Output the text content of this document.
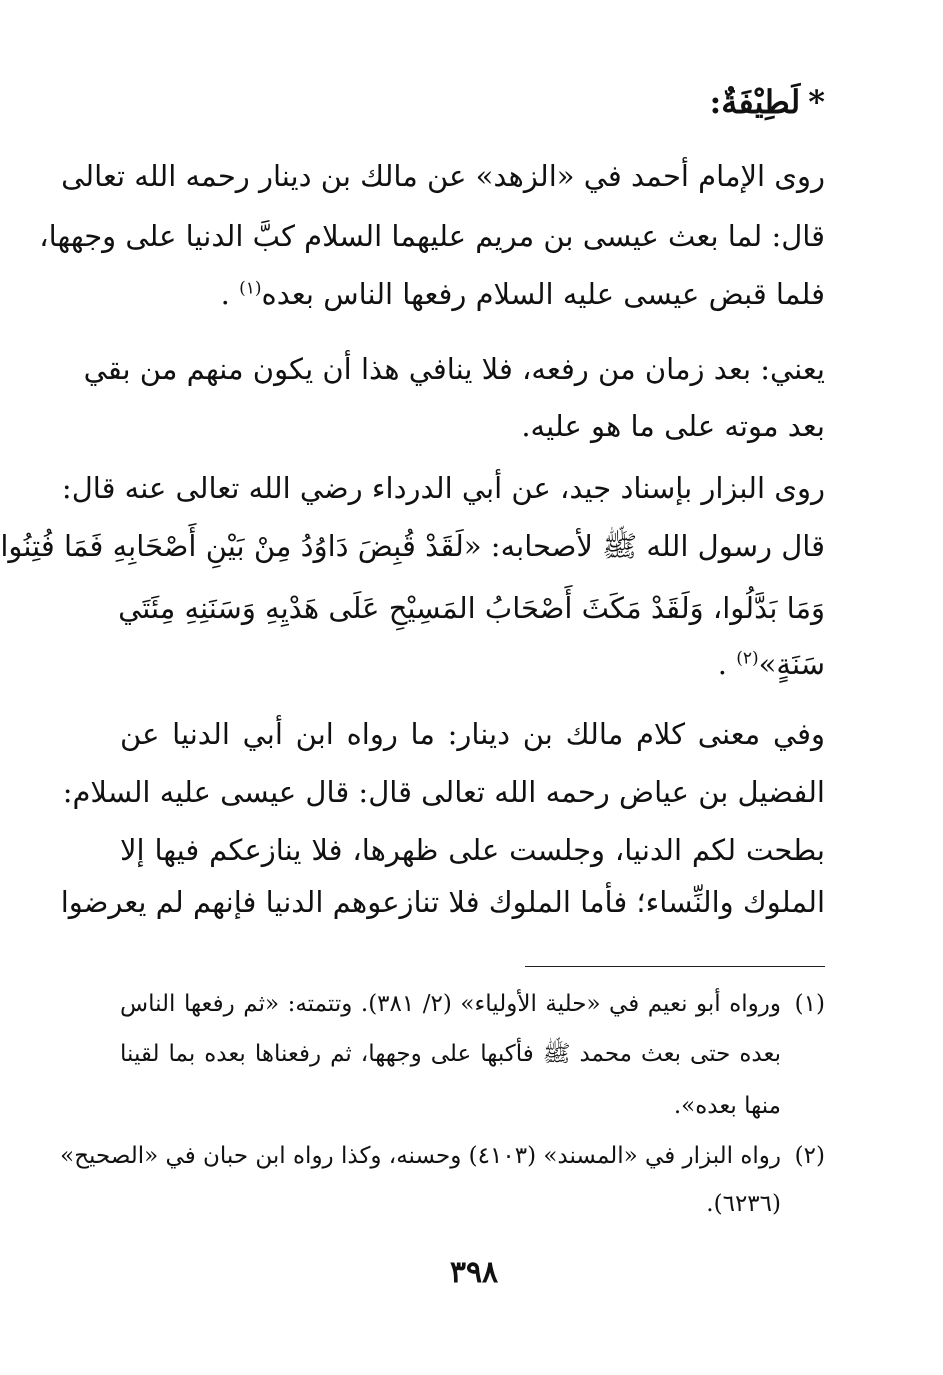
*لَطِيْفَةٌ:
روى الإمام أحمد في «الزهد» عن مالك بن دينار رحمه الله تعالى
قال: لما بعث عيسى بن مريم عليهما السلام كبَّ الدنيا على وجهها،
فلما قبض عيسى عليه السلام رفعها الناس بعده$^{(١)}$ .
يعني: بعد زمان من رفعه، فلا ينافي هذا أن يكون منهم من بقي
بعد موته على ما هو عليه.
روى البزار بإسناد جيد، عن أبي الدرداء رضي الله تعالى عنه قال:
قال رسول الله ﷺ لأصحابه: «لَقَدْ قُبِضَ دَاوُدُ مِنْ بَيْنِ أَصْحَابِهِ فَمَا فُتِنُوا
وَمَا بَدَّلُوا، وَلَقَدْ مَكَثَ أَصْحَابُ المَسِيْحِ عَلَى هَدْيِهِ وَسَنَنِهِ مِئَتَي
سَنَةٍ»$^{(٢)}$ .
وفي معنى كلام مالك بن دينار: ما رواه ابن أبي الدنيا عن
الفضيل بن عياض رحمه الله تعالى قال: قال عيسى عليه السلام:
بطحت لكم الدنيا، وجلست على ظهرها، فلا ينازعكم فيها إلا
الملوك والنِّساء؛ فأما الملوك فلا تنازعوهم الدنيا فإنهم لم يعرضوا
(١)ورواه أبو نعيم في «حلية الأولياء» (٢/ ٣٨١). وتتمته: «ثم رفعها الناس
بعده حتى بعث محمد ﷺ فأكبها على وجهها، ثم رفعناها بعده بما لقينا
منها بعده».
(٢)رواه البزار في «المسند» (٤١٠٣) وحسنه، وكذا رواه ابن حبان في «الصحيح»
(٦٢٣٦).
٣٩٨
